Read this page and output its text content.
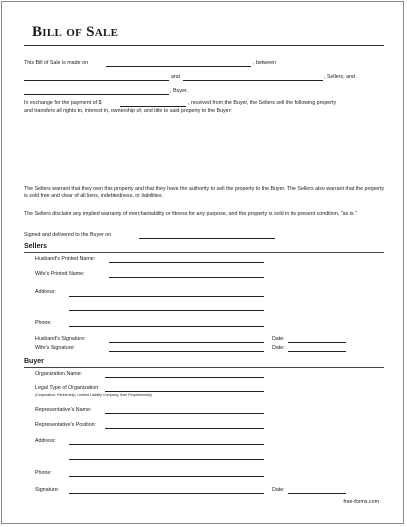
Bill of Sale
This Bill of Sale is made on	, between
and	, Sellers, and
, Buyer.
In exchange for the payment of $	, received from the Buyer, the Sellers sell the following property
and transfers all rights to, interest in, ownership of, and title to said property to the Buyer:
The Sellers warrant that they own this property and that they have the authority to sell the property to the Buyer. The Sellers also warrant that the property is sold free and clear of all liens, indebtedness, or liabilities.
The Sellers disclaim any implied warranty of merchantability or fitness for any purpose, and the property is sold in its present condition, "as is."
Signed and delivered to the Buyer on
Sellers
Husband's Printed Name:
Wife's Printed Name:
Address:
Phone:
Husband's Signature:	Date:
Wife's Signature:	Date:
Buyer
Organization Name:
Legal Type of Organization:
(Corporation, Partnership, Limited Liability Company, Sole Proprietorship)
Representative's Name:
Representative's Position:
Address:
Phone:
Signature:	Date:
free-forms.com
